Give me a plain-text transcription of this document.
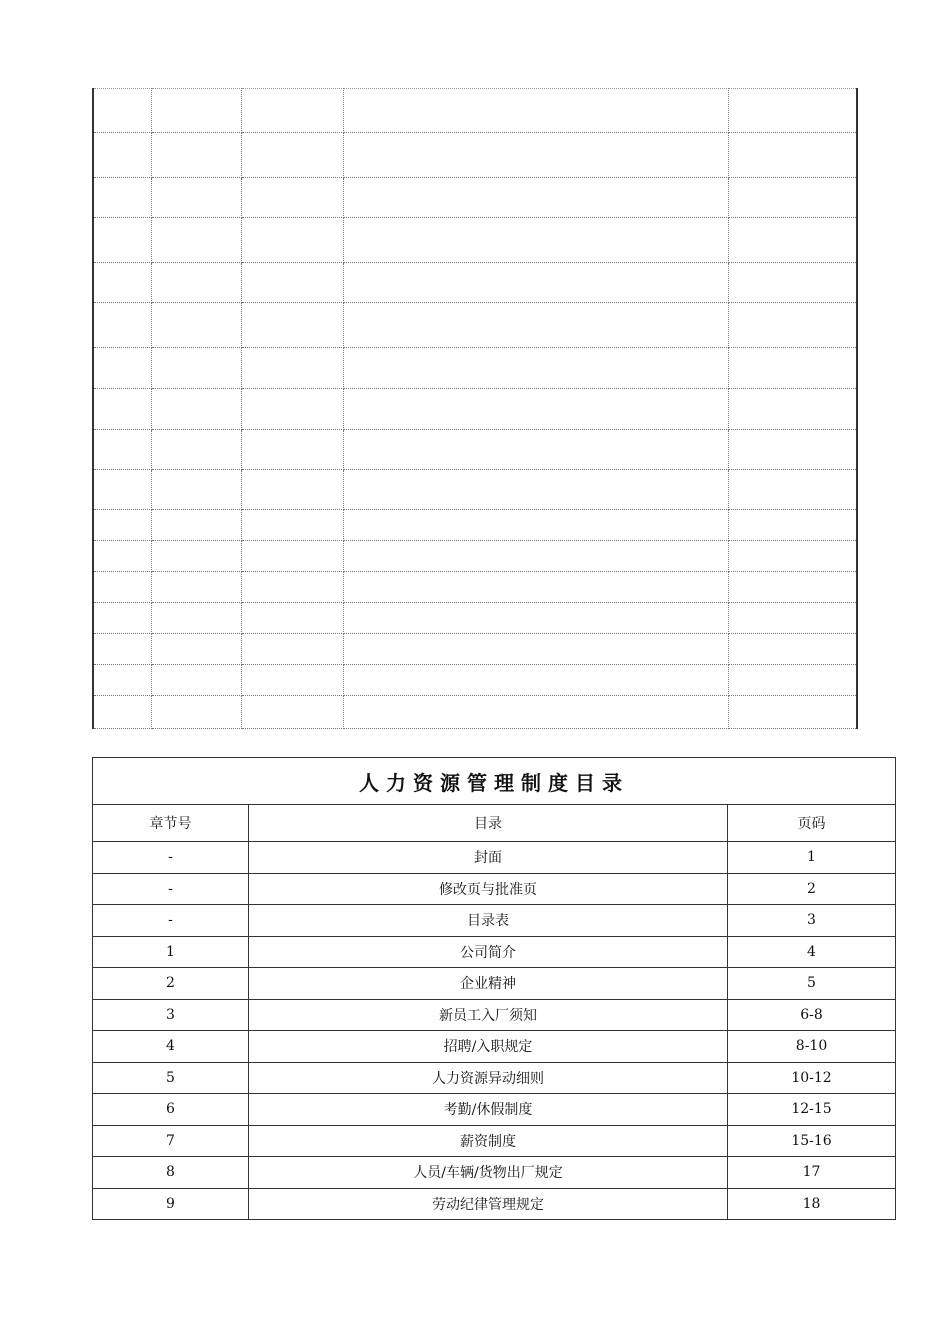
人力资源管理制度目录		
章节号	目录	页码
-	封面	1
-	修改页与批准页	2
-	目录表	3
1	公司简介	4
2	企业精神	5
3	新员工入厂须知	6-8
4	招聘/入职规定	8-10
5	人力资源异动细则	10-12
6	考勤/休假制度	12-15
7	薪资制度	15-16
8	人员/车辆/货物出厂规定	17
9	劳动纪律管理规定	18
